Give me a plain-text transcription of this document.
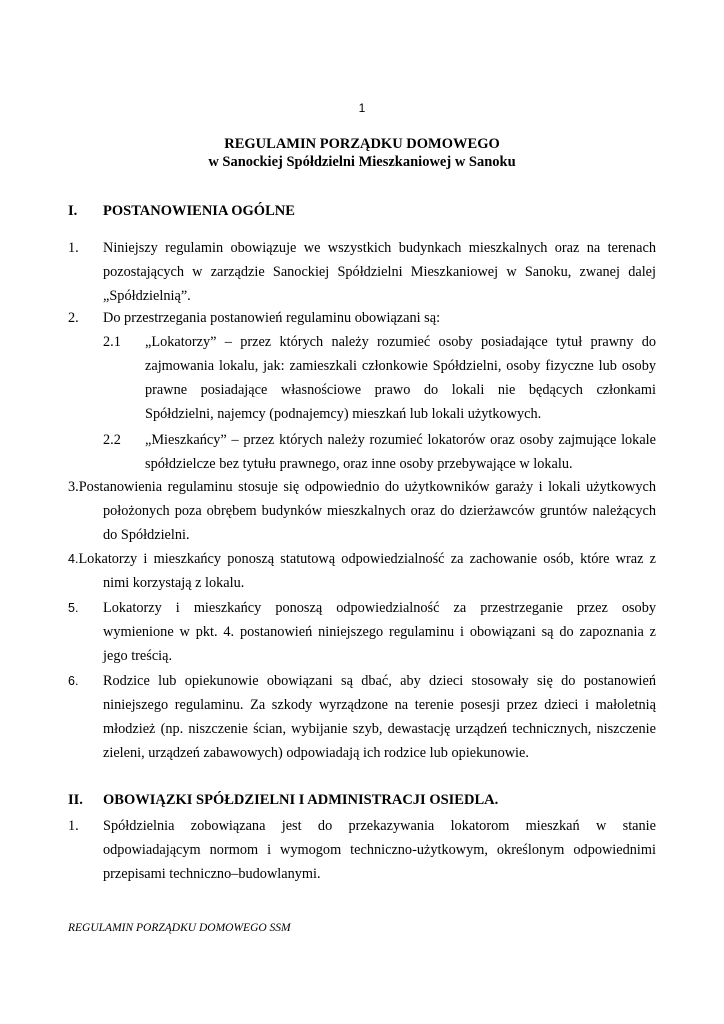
1
REGULAMIN PORZĄDKU DOMOWEGO
w Sanockiej Spółdzielni Mieszkaniowej w Sanoku
I. POSTANOWIENIA OGÓLNE
1. Niniejszy regulamin obowiązuje we wszystkich budynkach mieszkalnych oraz na terenach
pozostających w zarządzie Sanockiej Spółdzielni Mieszkaniowej w Sanoku, zwanej dalej
„Spółdzielnią”.
2. Do przestrzegania postanowień regulaminu obowiązani są:
2.1 „Lokatorzy” – przez których należy rozumieć osoby posiadające tytuł prawny do
zajmowania lokalu, jak: zamieszkali członkowie Spółdzielni, osoby fizyczne lub osoby
prawne posiadające własnościowe prawo do lokali nie będących członkami
Spółdzielni, najemcy (podnajemcy) mieszkań lub lokali użytkowych.
2.2 „Mieszkańcy” – przez których należy rozumieć lokatorów oraz osoby zajmujące lokale
spółdzielcze bez tytułu prawnego, oraz inne osoby przebywające w lokalu.
3.Postanowienia regulaminu stosuje się odpowiednio do użytkowników garaży i lokali użytkowych
położonych poza obrębem budynków mieszkalnych oraz do dzierżawców gruntów należących
do Spółdzielni.
4.Lokatorzy i mieszkańcy ponoszą statutową odpowiedzialność za zachowanie osób, które wraz z
nimi korzystają z lokalu.
5. Lokatorzy i mieszkańcy ponoszą odpowiedzialność za przestrzeganie przez osoby
wymienione w pkt. 4. postanowień niniejszego regulaminu i obowiązani są do zapoznania z
jego treścią.
6. Rodzice lub opiekunowie obowiązani są dbać, aby dzieci stosowały się do postanowień
niniejszego regulaminu. Za szkody wyrządzone na terenie posesji przez dzieci i małoletnią
młodzież (np. niszczenie ścian, wybijanie szyb, dewastację urządzeń technicznych, niszczenie
zieleni, urządzeń zabawowych) odpowiadają ich rodzice lub opiekunowie.
II. OBOWIĄZKI SPÓŁDZIELNI I ADMINISTRACJI OSIEDLA.
1. Spółdzielnia zobowiązana jest do przekazywania lokatorom mieszkań w stanie
odpowiadającym normom i wymogom techniczno-użytkowym, określonym odpowiednimi
przepisami techniczno–budowlanymi.
REGULAMIN PORZĄDKU DOMOWEGO SSM
